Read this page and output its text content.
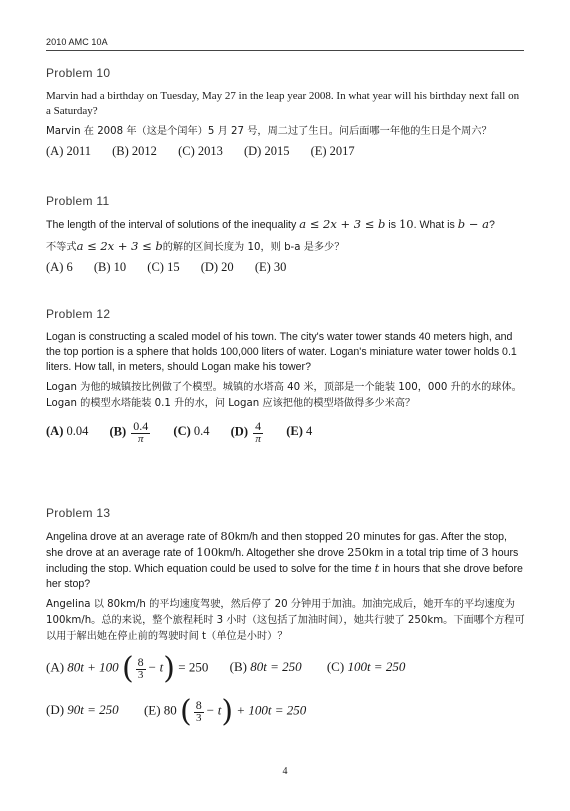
2010 AMC 10A
Problem 10

Marvin had a birthday on Tuesday, May 27 in the leap year 2008. In what year will his birthday next fall on a Saturday?

Marvin 在 2008 年（这是个闰年）5 月 27 号，周二过了生日。问后面哪一年他的生日是个周六？

(A) 2011 (B) 2012 (C) 2013 (D) 2015 (E) 2017
Problem 11

The length of the interval of solutions of the inequality a ≤ 2x + 3 ≤ b is 10. What is b − a?

不等式a ≤ 2x + 3 ≤ b的解的区间长度为 10，则 b-a 是多少？

(A) 6 (B) 10 (C) 15 (D) 20 (E) 30
Problem 12

Logan is constructing a scaled model of his town. The city's water tower stands 40 meters high, and the top portion is a sphere that holds 100,000 liters of water. Logan's miniature water tower holds 0.1 liters. How tall, in meters, should Logan make his tower?

Logan 为他的城镇按比例做了个模型。城镇的水塔高 40 米，顶部是一个能装 100，000 升的水的球体。Logan 的模型水塔能装 0.1 升的水，问 Logan 应该把他的模型塔做得多少米高？

(A) 0.04 $(B) \frac{0.4}{\pi} (C)$ 0.4 $(D) \frac{4}{\pi} (E)$ 4
Problem 13

Angelina drove at an average rate of 80km/h and then stopped 20 minutes for gas. After the stop, she drove at an average rate of 100km/h. Altogether she drove 250km in a total trip time of 3 hours including the stop. Which equation could be used to solve for the time t in hours that she drove before her stop?

Angelina 以 80km/h 的平均速度驾驶，然后停了 20 分钟用于加油。加油完成后，她开车的平均速度为 100km/h。总的来说，整个旅程耗时 3 小时（这包括了加油时间），她共行驶了 250km。下面哪个方程可以用于解出她在停止前的驾驶时间 t（单位是小时）？

(A) 80t + 100 ( $\frac{8}{3} - t) = 250$ (B) 80t = 250 (C) 100t = 250
(D) 90t = 250 (E) 80 ( $\frac{8}{3} - t) + 100t = 250$
4
